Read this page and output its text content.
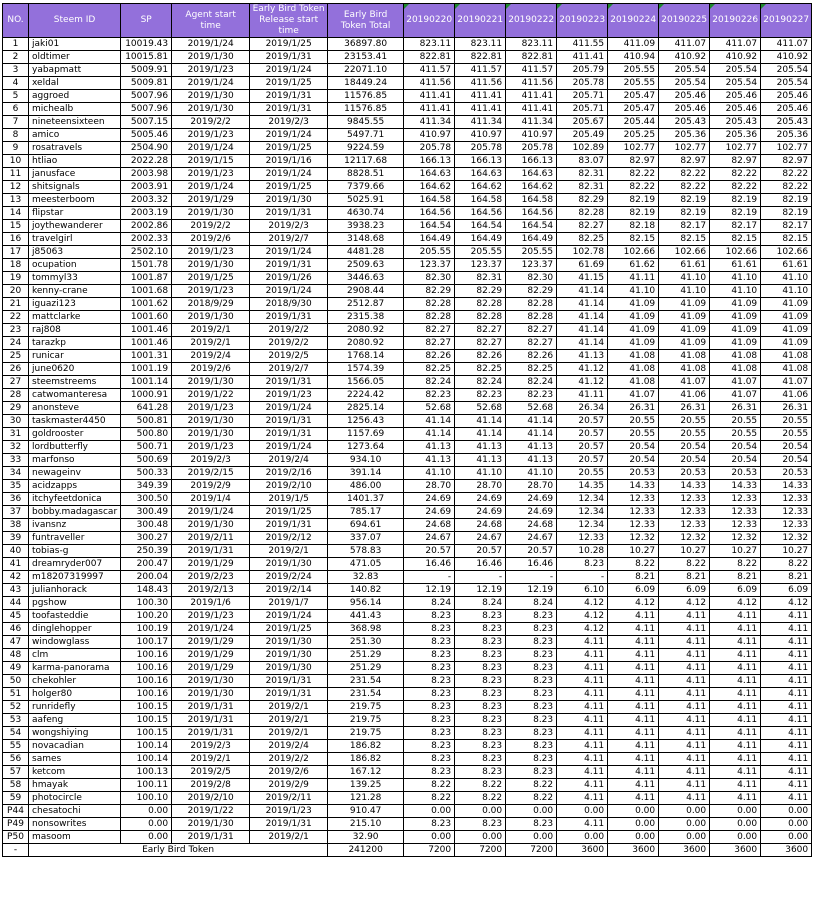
NO.	Steem ID	SP	Agent start time	Early Bird Token Release start time	Early Bird Token Total	20190220	20190221	20190222	20190223	20190224	20190225	20190226	20190227
1	jaki01	10019.43	2019/1/24	2019/1/25	36897.80	823.11	823.11	823.11	411.55	411.09	411.07	411.07	411.07
2	oldtimer	10015.81	2019/1/30	2019/1/31	23153.41	822.81	822.81	822.81	411.41	410.94	410.92	410.92	410.92
3	yabapmatt	5009.91	2019/1/23	2019/1/24	22071.10	411.57	411.57	411.57	205.79	205.55	205.54	205.54	205.54
4	xeldal	5009.81	2019/1/24	2019/1/25	18449.24	411.56	411.56	411.56	205.78	205.55	205.54	205.54	205.54
5	aggroed	5007.96	2019/1/30	2019/1/31	11576.85	411.41	411.41	411.41	205.71	205.47	205.46	205.46	205.46
6	michealb	5007.96	2019/1/30	2019/1/31	11576.85	411.41	411.41	411.41	205.71	205.47	205.46	205.46	205.46
7	nineteensixteen	5007.15	2019/2/2	2019/2/3	9845.55	411.34	411.34	411.34	205.67	205.44	205.43	205.43	205.43
8	amico	5005.46	2019/1/23	2019/1/24	5497.71	410.97	410.97	410.97	205.49	205.25	205.36	205.36	205.36
9	rosatravels	2504.90	2019/1/24	2019/1/25	9224.59	205.78	205.78	205.78	102.89	102.77	102.77	102.77	102.77
10	htliao	2022.28	2019/1/15	2019/1/16	12117.68	166.13	166.13	166.13	83.07	82.97	82.97	82.97	82.97
11	janusface	2003.98	2019/1/23	2019/1/24	8828.51	164.63	164.63	164.63	82.31	82.22	82.22	82.22	82.22
12	shitsignals	2003.91	2019/1/24	2019/1/25	7379.66	164.62	164.62	164.62	82.31	82.22	82.22	82.22	82.22
13	meesterboom	2003.32	2019/1/29	2019/1/30	5025.91	164.58	164.58	164.58	82.29	82.19	82.19	82.19	82.19
14	flipstar	2003.19	2019/1/30	2019/1/31	4630.74	164.56	164.56	164.56	82.28	82.19	82.19	82.19	82.19
15	joythewanderer	2002.86	2019/2/2	2019/2/3	3938.23	164.54	164.54	164.54	82.27	82.18	82.17	82.17	82.17
16	travelgirl	2002.33	2019/2/6	2019/2/7	3148.68	164.49	164.49	164.49	82.25	82.15	82.15	82.15	82.15
17	j85063	2502.10	2019/1/23	2019/1/24	4481.28	205.55	205.55	205.55	102.78	102.66	102.66	102.66	102.66
18	ocupation	1501.78	2019/1/30	2019/1/31	2509.63	123.37	123.37	123.37	61.69	61.62	61.61	61.61	61.61
19	tommyl33	1001.87	2019/1/25	2019/1/26	3446.63	82.30	82.31	82.30	41.15	41.11	41.10	41.10	41.10
20	kenny-crane	1001.68	2019/1/23	2019/1/24	2908.44	82.29	82.29	82.29	41.14	41.10	41.10	41.10	41.10
21	iguazi123	1001.62	2018/9/29	2018/9/30	2512.87	82.28	82.28	82.28	41.14	41.09	41.09	41.09	41.09
22	mattclarke	1001.60	2019/1/30	2019/1/31	2315.38	82.28	82.28	82.28	41.14	41.09	41.09	41.09	41.09
23	raj808	1001.46	2019/2/1	2019/2/2	2080.92	82.27	82.27	82.27	41.14	41.09	41.09	41.09	41.09
24	tarazkp	1001.46	2019/2/1	2019/2/2	2080.92	82.27	82.27	82.27	41.14	41.09	41.09	41.09	41.09
25	runicar	1001.31	2019/2/4	2019/2/5	1768.14	82.26	82.26	82.26	41.13	41.08	41.08	41.08	41.08
26	june0620	1001.19	2019/2/6	2019/2/7	1574.39	82.25	82.25	82.25	41.12	41.08	41.08	41.08	41.08
27	steemstreems	1001.14	2019/1/30	2019/1/31	1566.05	82.24	82.24	82.24	41.12	41.08	41.07	41.07	41.07
28	catwomanteresa	1000.91	2019/1/22	2019/1/23	2224.42	82.23	82.23	82.23	41.11	41.07	41.06	41.07	41.06
29	anonsteve	641.28	2019/1/23	2019/1/24	2825.14	52.68	52.68	52.68	26.34	26.31	26.31	26.31	26.31
30	taskmaster4450	500.81	2019/1/30	2019/1/31	1256.43	41.14	41.14	41.14	20.57	20.55	20.55	20.55	20.55
31	goldrooster	500.80	2019/1/30	2019/1/31	1157.69	41.14	41.14	41.14	20.57	20.55	20.55	20.55	20.55
32	lordbutterfly	500.71	2019/1/23	2019/1/24	1273.64	41.13	41.13	41.13	20.57	20.54	20.54	20.54	20.54
33	marfonso	500.69	2019/2/3	2019/2/4	934.10	41.13	41.13	41.13	20.57	20.54	20.54	20.54	20.54
34	newageinv	500.33	2019/2/15	2019/2/16	391.14	41.10	41.10	41.10	20.55	20.53	20.53	20.53	20.53
35	acidzapps	349.39	2019/2/9	2019/2/10	486.00	28.70	28.70	28.70	14.35	14.33	14.33	14.33	14.33
36	itchyfeetdonica	300.50	2019/1/4	2019/1/5	1401.37	24.69	24.69	24.69	12.34	12.33	12.33	12.33	12.33
37	bobby.madagascar	300.49	2019/1/24	2019/1/25	785.17	24.69	24.69	24.69	12.34	12.33	12.33	12.33	12.33
38	ivansnz	300.48	2019/1/30	2019/1/31	694.61	24.68	24.68	24.68	12.34	12.33	12.33	12.33	12.33
39	funtraveller	300.27	2019/2/11	2019/2/12	337.07	24.67	24.67	24.67	12.33	12.32	12.32	12.32	12.32
40	tobias-g	250.39	2019/1/31	2019/2/1	578.83	20.57	20.57	20.57	10.28	10.27	10.27	10.27	10.27
41	dreamryder007	200.47	2019/1/29	2019/1/30	471.05	16.46	16.46	16.46	8.23	8.22	8.22	8.22	8.22
42	m18207319997	200.04	2019/2/23	2019/2/24	32.83	-	-	-	-	8.21	8.21	8.21	8.21
43	julianhorack	148.43	2019/2/13	2019/2/14	140.82	12.19	12.19	12.19	6.10	6.09	6.09	6.09	6.09
44	pgshow	100.30	2019/1/6	2019/1/7	956.14	8.24	8.24	8.24	4.12	4.12	4.12	4.12	4.12
45	toofasteddie	100.20	2019/1/23	2019/1/24	441.43	8.23	8.23	8.23	4.12	4.11	4.11	4.11	4.11
46	dinglehopper	100.19	2019/1/24	2019/1/25	368.98	8.23	8.23	8.23	4.12	4.11	4.11	4.11	4.11
47	windowglass	100.17	2019/1/29	2019/1/30	251.30	8.23	8.23	8.23	4.11	4.11	4.11	4.11	4.11
48	clm	100.16	2019/1/29	2019/1/30	251.29	8.23	8.23	8.23	4.11	4.11	4.11	4.11	4.11
49	karma-panorama	100.16	2019/1/29	2019/1/30	251.29	8.23	8.23	8.23	4.11	4.11	4.11	4.11	4.11
50	chekohler	100.16	2019/1/30	2019/1/31	231.54	8.23	8.23	8.23	4.11	4.11	4.11	4.11	4.11
51	holger80	100.16	2019/1/30	2019/1/31	231.54	8.23	8.23	8.23	4.11	4.11	4.11	4.11	4.11
52	runridefly	100.15	2019/1/31	2019/2/1	219.75	8.23	8.23	8.23	4.11	4.11	4.11	4.11	4.11
53	aafeng	100.15	2019/1/31	2019/2/1	219.75	8.23	8.23	8.23	4.11	4.11	4.11	4.11	4.11
54	wongshiying	100.15	2019/1/31	2019/2/1	219.75	8.23	8.23	8.23	4.11	4.11	4.11	4.11	4.11
55	novacadian	100.14	2019/2/3	2019/2/4	186.82	8.23	8.23	8.23	4.11	4.11	4.11	4.11	4.11
56	sames	100.14	2019/2/1	2019/2/2	186.82	8.23	8.23	8.23	4.11	4.11	4.11	4.11	4.11
57	ketcom	100.13	2019/2/5	2019/2/6	167.12	8.23	8.23	8.23	4.11	4.11	4.11	4.11	4.11
58	hmayak	100.11	2019/2/8	2019/2/9	139.25	8.22	8.22	8.22	4.11	4.11	4.11	4.11	4.11
59	photocircle	100.10	2019/2/10	2019/2/11	121.28	8.22	8.22	8.22	4.11	4.11	4.11	4.11	4.11
P44	chesatochi	0.00	2019/1/22	2019/1/23	910.47	0.00	0.00	0.00	0.00	0.00	0.00	0.00	0.00
P49	nonsowrites	0.00	2019/1/30	2019/1/31	215.10	8.23	8.23	8.23	4.11	0.00	0.00	0.00	0.00
P50	masoom	0.00	2019/1/31	2019/2/1	32.90	0.00	0.00	0.00	0.00	0.00	0.00	0.00	0.00
-	Early Bird Token				241200	7200	7200	7200	3600	3600	3600	3600	3600
